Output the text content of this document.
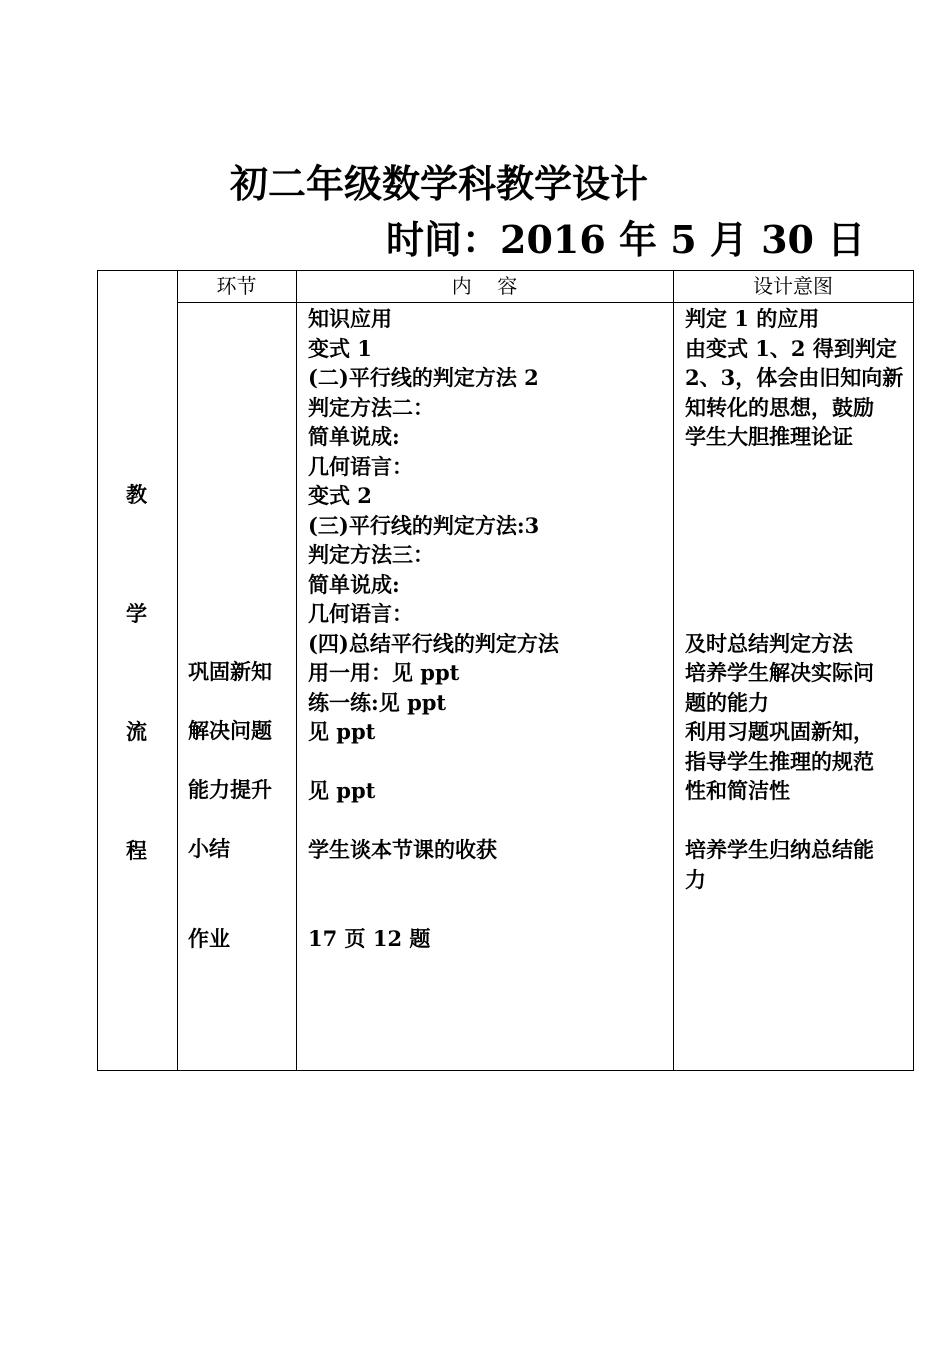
初二年级数学科教学设计
时间：2016 年 5 月 30 日
环节	内    容	设计意图
教
学
流
程
巩固新知
解决问题
能力提升
小结
作业
知识应用
变式 1
(二)平行线的判定方法 2
判定方法二：
简单说成:
几何语言：
变式 2
(三)平行线的判定方法:3
判定方法三：
简单说成:
几何语言：
(四)总结平行线的判定方法
用一用：见 ppt
练一练:见 ppt
见 ppt
见 ppt
学生谈本节课的收获
17 页 12 题
判定 1 的应用
由变式 1、2 得到判定
2、3，体会由旧知向新
知转化的思想，鼓励
学生大胆推理论证
及时总结判定方法
培养学生解决实际问
题的能力
利用习题巩固新知，
指导学生推理的规范
性和简洁性
培养学生归纳总结能
力
